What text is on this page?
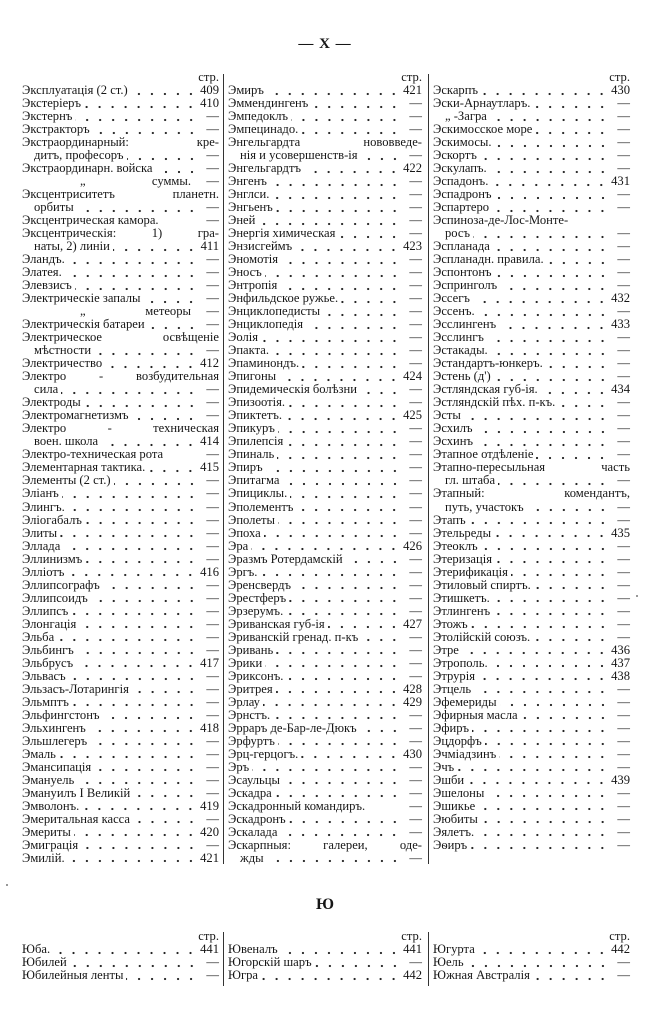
— X —
стр.
Эксплуатація (2 ст.)	409
Экстеріеръ	410
Экстернъ	—
Экстракторъ	—
Экстраординарный: кре-
дитъ, професоръ	—
Экстраординарн. войска	—
„	суммы.	—
Эксцентриситетъ планетн.
орбиты	—
Эксцентрическая камора.	—
Эксцентрическія: 1) гра-
наты, 2) линіи	411
Эландъ.	—
Элатея.	—
Элевзисъ	—
Электрическіе запалы	—
„	метеоры	—
Электрическія батареи	—
Электрическое освѣщеніе
мѣстности	—
Электричество	412
Электро - возбудительная
сила	—
Электроды	—
Электромагнетизмъ	—
Электро - техническая
воен. школа	414
Электро-техническая рота	—
Элементарная тактика.	415
Элементы (2 ст.)	—
Эліанъ	—
Элингъ.	—
Эліогабалъ	—
Элиты	—
Эллада	—
Эллинизмъ	—
Элліотъ	416
Эллипсографъ	—
Эллипсоидъ	—
Эллипсъ	—
Элонгація	—
Эльба	—
Эльбингъ	—
Эльбрусъ	417
Эльвасъ	—
Эльзасъ-Лотарингія	—
Эльмптъ	—
Эльфингстонъ	—
Эльхингенъ	418
Эльшлегеръ	—
Эмаль	—
Эмансипація	—
Эмануель	—
Эмануилъ I Великій	—
Эмволонъ.	419
Эмеритальная касса	—
Эмериты	420
Эмиграція	—
Эмилій.	421
стр.
Эмиръ	421
Эммендингенъ	—
Эмпедоклъ	—
Эмпецинадо.	—
Энгельгардта нововведе-
нія и усовершенств-ія	—
Энгельгардтъ	422
Энгенъ	—
Энглси.	—
Энгьенъ	—
Эней	—
Энергія химическая	—
Энзисгеймъ	423
Эномотія	—
Эносъ	—
Энтропія	—
Энфильдское ружье.	—
Энциклопедисты	—
Энциклопедія	—
Эолія	—
Эпакта.	—
Эпаминондъ.	—
Эпигоны	424
Эпидемическія болѣзни	—
Эпизоотія.	—
Эпиктетъ.	425
Эпикуръ	—
Эпилепсія	—
Эпиналь	—
Эпиръ	—
Эпитагма	—
Эпициклы.	—
Эполементъ	—
Эполеты	—
Эпоха	—
Эра	426
Эразмъ Ротердамскій	—
Эргъ.	—
Эренсвердъ	—
Эрестферъ	—
Эрзерумъ.	—
Эриванская губ-ія	427
Эриванскій гренад. п-къ	—
Эривань	—
Эрики	—
Эриксонъ.	—
Эритрея	428
Эрлау	429
Эрнстъ.	—
Эрраръ де-Бар-ле-Дюкъ	—
Эрфуртъ	—
Эрц-герцогъ.	430
Эръ	—
Эсаульцы	—
Эскадра	—
Эскадронный командиръ.	—
Эскадронъ	—
Эскалада	—
Эскарпныя: галереи, оде-
жды	—
стр.
Эскарпъ	430
Эски-Арнаутларъ.	—
„ -Загра	—
Эскимосское море	—
Эскимосы.	—
Эскортъ	—
Эскулапъ.	—
Эспадонъ.	431
Эспадронъ	—
Эспартеро	—
Эспиноза-де-Лос-Монте-
росъ	—
Эспланада	—
Эспланадн. правила.	—
Эспонтонъ	—
Эспринголъ	—
Эссегъ	432
Эссенъ.	—
Эсслингенъ	433
Эсслингъ	—
Эстакады.	—
Эстандартъ-юнкеръ.	—
Эстень (д')	—
Эстляндская губ-ія.	434
Эстляндскій пѣх. п-къ.	—
Эсты	—
Эсхилъ	—
Эсхинъ	—
Этапное отдѣленіе	—
Этапно-пересыльная часть
гл. штаба	—
Этапный: комендантъ,
путь, участокъ	—
Этапъ	—
Этельреды	435
Этеоклъ	—
Этеризація	—
Этерификація	—
Этиловый спиртъ.	—
Этишкетъ.	—
Этлингенъ	—
Этожъ	—
Этолійскій союзъ.	—
Этре	436
Этрополь.	437
Этрурія	438
Этцель	—
Эфемериды	—
Эфирныя масла	—
Эфиръ	—
Эцдорфъ	—
Эчміадзинъ	—
Эчъ	—
Эшби	439
Эшелоны	—
Эшикье	—
Эюбиты	—
Эялетъ.	—
Эѳиръ	—
Ю
стр.
Юба.	441
Юбилей	—
Юбилейныя ленты	—
стр.
Ювеналъ	441
Югорскій шаръ	—
Югра	442
стр.
Югурта	442
Юель	—
Южная Австралія	—
